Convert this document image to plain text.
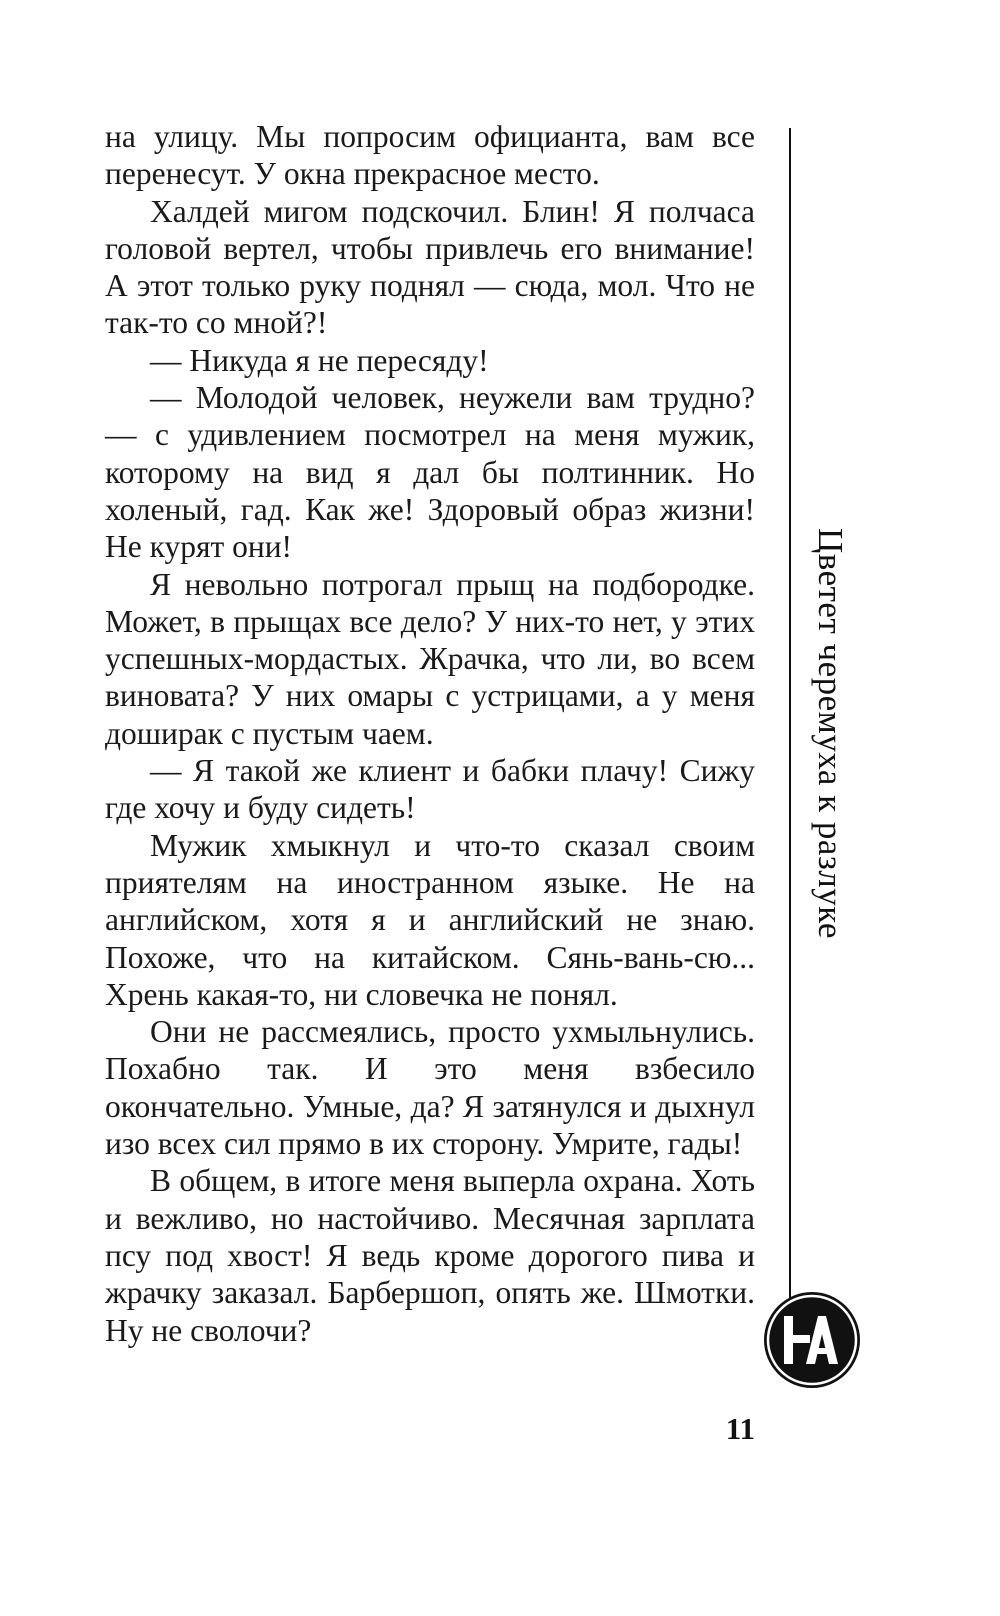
на улицу. Мы попросим официанта, вам все перенесут. У окна прекрасное место.

Халдей мигом подскочил. Блин! Я полчаса головой вертел, чтобы привлечь его внимание! А этот только руку поднял — сюда, мол. Что не так-то со мной?!

— Никуда я не пересяду!

— Молодой человек, неужели вам трудно? — с удивлением посмотрел на меня мужик, которому на вид я дал бы полтинник. Но холеный, гад. Как же! Здоровый образ жизни! Не курят они!

Я невольно потрогал прыщ на подбородке. Может, в прыщах все дело? У них-то нет, у этих успешных-мордастых. Жрачка, что ли, во всем виновата? У них омары с устрицами, а у меня доширак с пустым чаем.

— Я такой же клиент и бабки плачу! Сижу где хочу и буду сидеть!

Мужик хмыкнул и что-то сказал своим приятелям на иностранном языке. Не на английском, хотя я и английский не знаю. Похоже, что на китайском. Сянь-вань-сю... Хрень какая-то, ни словечка не понял.

Они не рассмеялись, просто ухмыльнулись. Похабно так. И это меня взбесило окончательно. Умные, да? Я затянулся и дыхнул изо всех сил прямо в их сторону. Умрите, гады!

В общем, в итоге меня выперла охрана. Хоть и вежливо, но настойчиво. Месячная зарплата псу под хвост! Я ведь кроме дорогого пива и жрачку заказал. Барбершоп, опять же. Шмотки. Ну не сволочи?

Цветет черемуха к разлуке
11
